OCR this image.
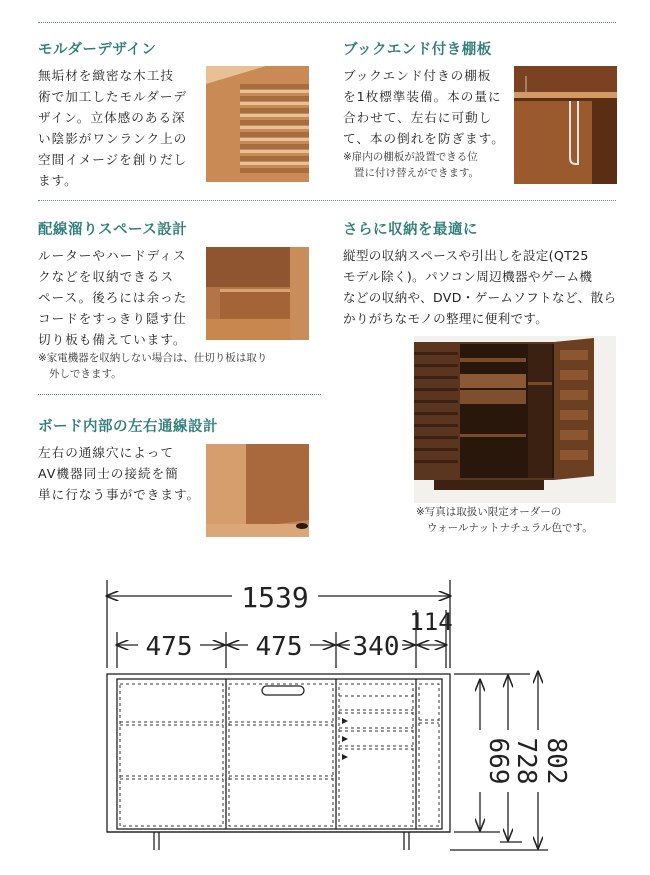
モルダーデザイン
無垢材を緻密な木工技
術で加工したモルダーデ
ザイン。立体感のある深
い陰影がワンランク上の
空間イメージを創りだし
ます。
ブックエンド付き棚板
ブックエンド付きの棚板
を1枚標準装備。本の量に
合わせて、左右に可動し
て、本の倒れを防ぎます。
※扉内の棚板が設置できる位
置に付け替えができます。
配線溜りスペース設計
ルーターやハードディス
クなどを収納できるス
ペース。後ろには余った
コードをすっきり隠す仕
切り板も備えています。
※家電機器を収納しない場合は、仕切り板は取り
外しできます。
さらに収納を最適に
縦型の収納スペースや引出しを設定(QT25
モデル除く)。パソコン周辺機器やゲーム機
などの収納や、DVD・ゲームソフトなど、散ら
かりがちなモノの整理に便利です。
※写真は取扱い限定オーダーの
ウォールナットナチュラル色です。
ボード内部の左右通線設計
左右の通線穴によって
AV機器同士の接続を簡
単に行なう事ができます。
1539
475 475 340
114
669
728 802
